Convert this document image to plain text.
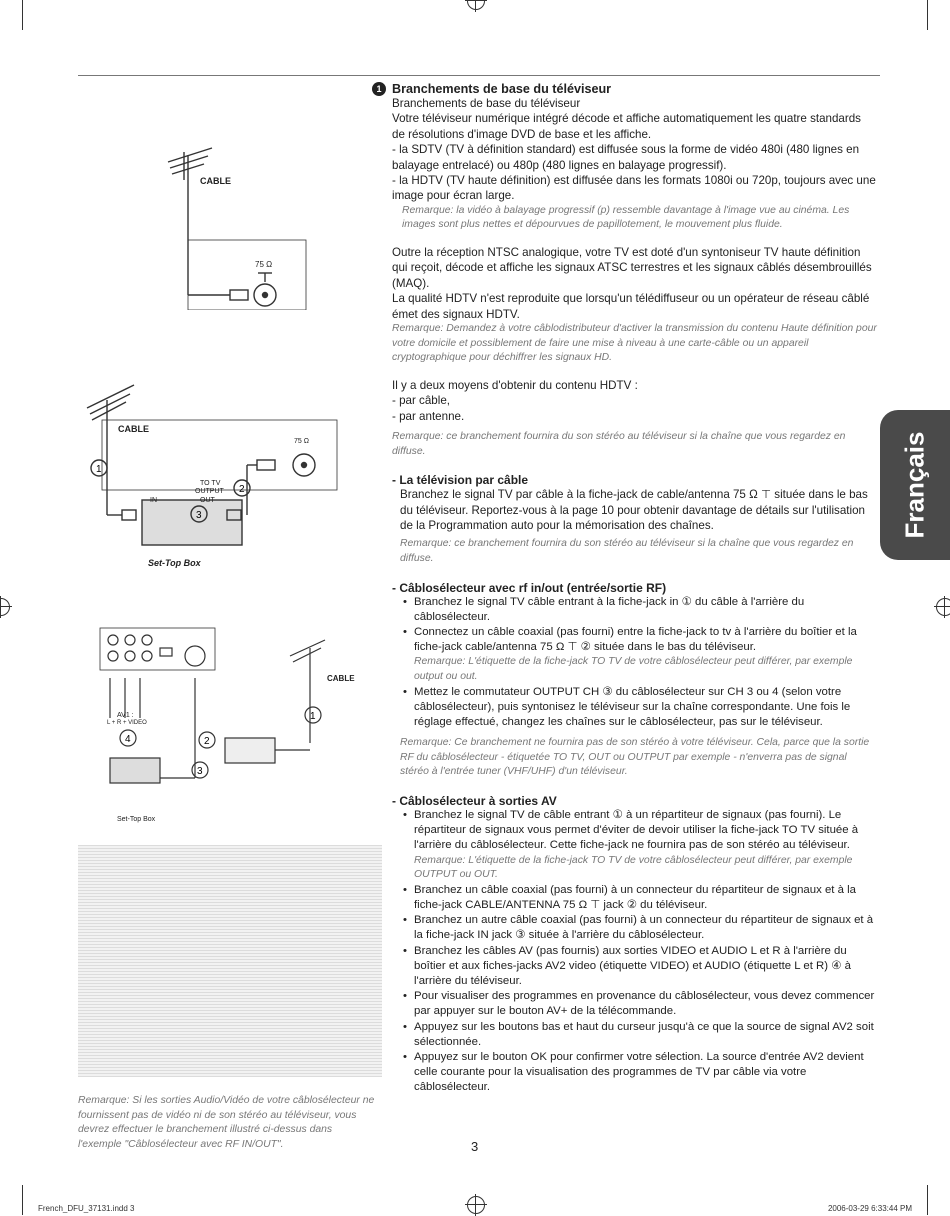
1 Branchements de base du téléviseur
Branchements de base du téléviseur
Votre téléviseur numérique intégré décode et affiche automatiquement les quatre standards de résolutions d'image DVD de base et les affiche.
- la SDTV (TV à définition standard) est diffusée sous la forme de vidéo 480i (480 lignes en balayage entrelacé) ou 480p (480 lignes en balayage progressif).
- la HDTV (TV haute définition) est diffusée dans les formats 1080i ou 720p, toujours avec une image pour écran large.
Remarque: la vidéo à balayage progressif (p) ressemble davantage à l'image vue au cinéma. Les images sont plus nettes et dépourvues de papillotement, le mouvement plus fluide.
Outre la réception NTSC analogique, votre TV est doté d'un syntoniseur TV haute définition qui reçoit, décode et affiche les signaux ATSC terrestres et les signaux câblés désembrouillés (MAQ).
La qualité HDTV n'est reproduite que lorsqu'un télédiffuseur ou un opérateur de réseau câblé émet des signaux HDTV.
Remarque: Demandez à votre câblodistributeur d'activer la transmission du contenu Haute définition pour votre domicile et possiblement de faire une mise à niveau à une carte-câble ou un appareil cryptographique pour déchiffrer les signaux HD.
Il y a deux moyens d'obtenir du contenu HDTV :
- par câble,
- par antenne.
Remarque: ce branchement fournira du son stéréo au téléviseur si la chaîne que vous regardez en diffuse.
- La télévision par câble
Branchez le signal TV par câble à la fiche-jack de cable/antenna 75 Ω ⊤ située dans le bas du téléviseur. Reportez-vous à la page 10 pour obtenir davantage de détails sur l'utilisation de la Programmation auto pour la mémorisation des chaînes.
Remarque: ce branchement fournira du son stéréo au téléviseur si la chaîne que vous regardez en diffuse.
- Câblosélecteur avec rf in/out (entrée/sortie RF)
• Branchez le signal TV câble entrant à la fiche-jack in ① du câble à l'arrière du câblosélecteur.
• Connectez un câble coaxial (pas fourni) entre la fiche-jack to tv à l'arrière du boîtier et la fiche-jack cable/antenna 75 Ω ⊤ ② située dans le bas du téléviseur.
Remarque: L'étiquette de la fiche-jack TO TV de votre câblosélecteur peut différer, par exemple output ou out.
• Mettez le commutateur OUTPUT CH ③ du câblosélecteur sur CH 3 ou 4 (selon votre câblosélecteur), puis syntonisez le téléviseur sur la chaîne correspondante. Une fois le réglage effectué, changez les chaînes sur le câblosélecteur, pas sur le téléviseur.
Remarque: Ce branchement ne fournira pas de son stéréo à votre téléviseur. Cela, parce que la sortie RF du câblosélecteur - étiquetée TO TV, OUT ou OUTPUT par exemple - n'enverra pas de signal stéréo à l'entrée tuner (VHF/UHF) d'un téléviseur.
- Câblosélecteur à sorties AV
• Branchez le signal TV de câble entrant ① à un répartiteur de signaux (pas fourni). Le répartiteur de signaux vous permet d'éviter de devoir utiliser la fiche-jack TO TV située à l'arrière du câblosélecteur. Cette fiche-jack ne fournira pas de son stéréo au téléviseur.
Remarque: L'étiquette de la fiche-jack TO TV de votre câblosélecteur peut différer, par exemple OUTPUT ou OUT.
• Branchez un câble coaxial (pas fourni) à un connecteur du répartiteur de signaux et à la fiche-jack CABLE/ANTENNA 75 Ω ⊤ jack ② du téléviseur.
• Branchez un autre câble coaxial (pas fourni) à un connecteur du répartiteur de signaux et à la fiche-jack IN jack ③ située à l'arrière du câblosélecteur.
• Branchez les câbles AV (pas fournis) aux sorties VIDEO et AUDIO L et R à l'arrière du boîtier et aux fiches-jacks AV2 video (étiquette VIDEO) et AUDIO (étiquette L et R) ④ à l'arrière du téléviseur.
• Pour visualiser des programmes en provenance du câblosélecteur, vous devez commencer par appuyer sur le bouton AV+ de la télécommande.
• Appuyez sur les boutons bas et haut du curseur jusqu'à ce que la source de signal AV2 soit sélectionnée.
• Appuyez sur le bouton OK pour confirmer votre sélection. La source d'entrée AV2 devient celle courante pour la visualisation des programmes de TV par câble via votre câblosélecteur.
CABLE
75 Ω
1
2
3
CABLE
75 Ω
TO TV
OUTPUT
IN	OUT
Set-Top Box
4	2
3
1
CABLE
AV1 :
L + R + VIDEO
Set-Top Box
Remarque: Si les sorties Audio/Vidéo de votre câblosélecteur ne fournissent pas de vidéo ni de son stéréo au téléviseur, vous devrez effectuer le branchement illustré ci-dessus dans l'exemple "Câblosélecteur avec RF IN/OUT".
Français
3
French_DFU_37131.indd 3	2006-03-29 6:33:44 PM
